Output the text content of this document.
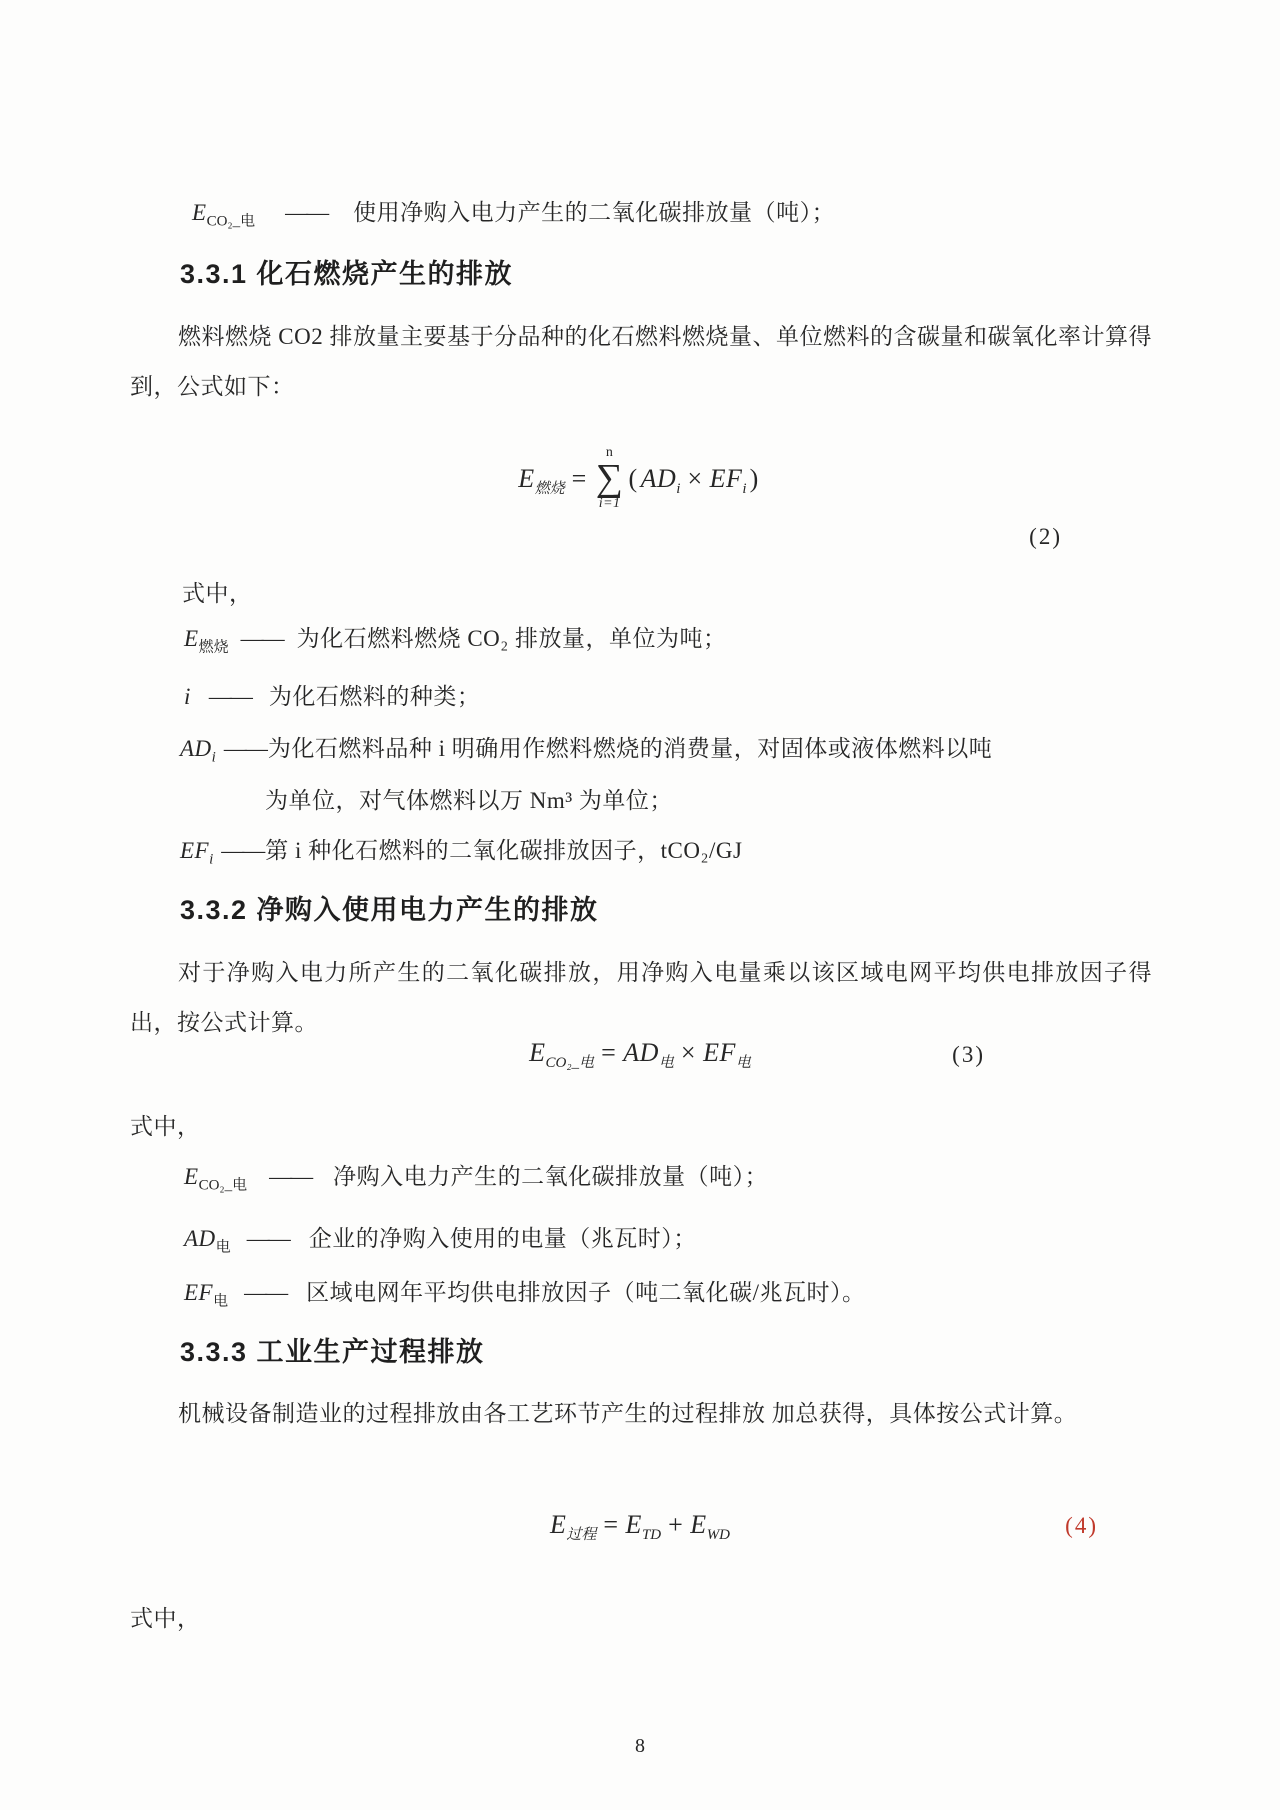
$E_{CO_2\_电}$ —— 使用净购入电力产生的二氧化碳排放量（吨）；
3.3.1 化石燃烧产生的排放
燃料燃烧 CO2 排放量主要基于分品种的化石燃料燃烧量、单位燃料的含碳量和碳氧化率计算得到，公式如下：
$E_{燃烧}$ =
n
∑
i=1
( $AD_i \times EF_i$ )
(2)
式中，
$E_{燃烧}$ —— 为化石燃料燃烧 CO₂ 排放量，单位为吨；
i —— 为化石燃料的种类；
$AD_i$ ——为化石燃料品种 i 明确用作燃料燃烧的消费量，对固体或液体燃料以吨
为单位，对气体燃料以万 Nm³ 为单位；
$EF_i$ ——第 i 种化石燃料的二氧化碳排放因子，tCO₂/GJ
3.3.2 净购入使用电力产生的排放
对于净购入电力所产生的二氧化碳排放，用净购入电量乘以该区域电网平均供电排放因子得出，按公式计算。
$E_{CO_2\_电} = AD_电 \times EF_电$	(3)
式中，
$E_{CO_2\_电}$ —— 净购入电力产生的二氧化碳排放量（吨）；
$AD_电$ —— 企业的净购入使用的电量（兆瓦时）；
$EF_电$ —— 区域电网年平均供电排放因子（吨二氧化碳/兆瓦时）。
3.3.3 工业生产过程排放
机械设备制造业的过程排放由各工艺环节产生的过程排放 加总获得，具体按公式计算。
$E_{过程} = E_{TD} + E_{WD}$	(4)
式中，
8
